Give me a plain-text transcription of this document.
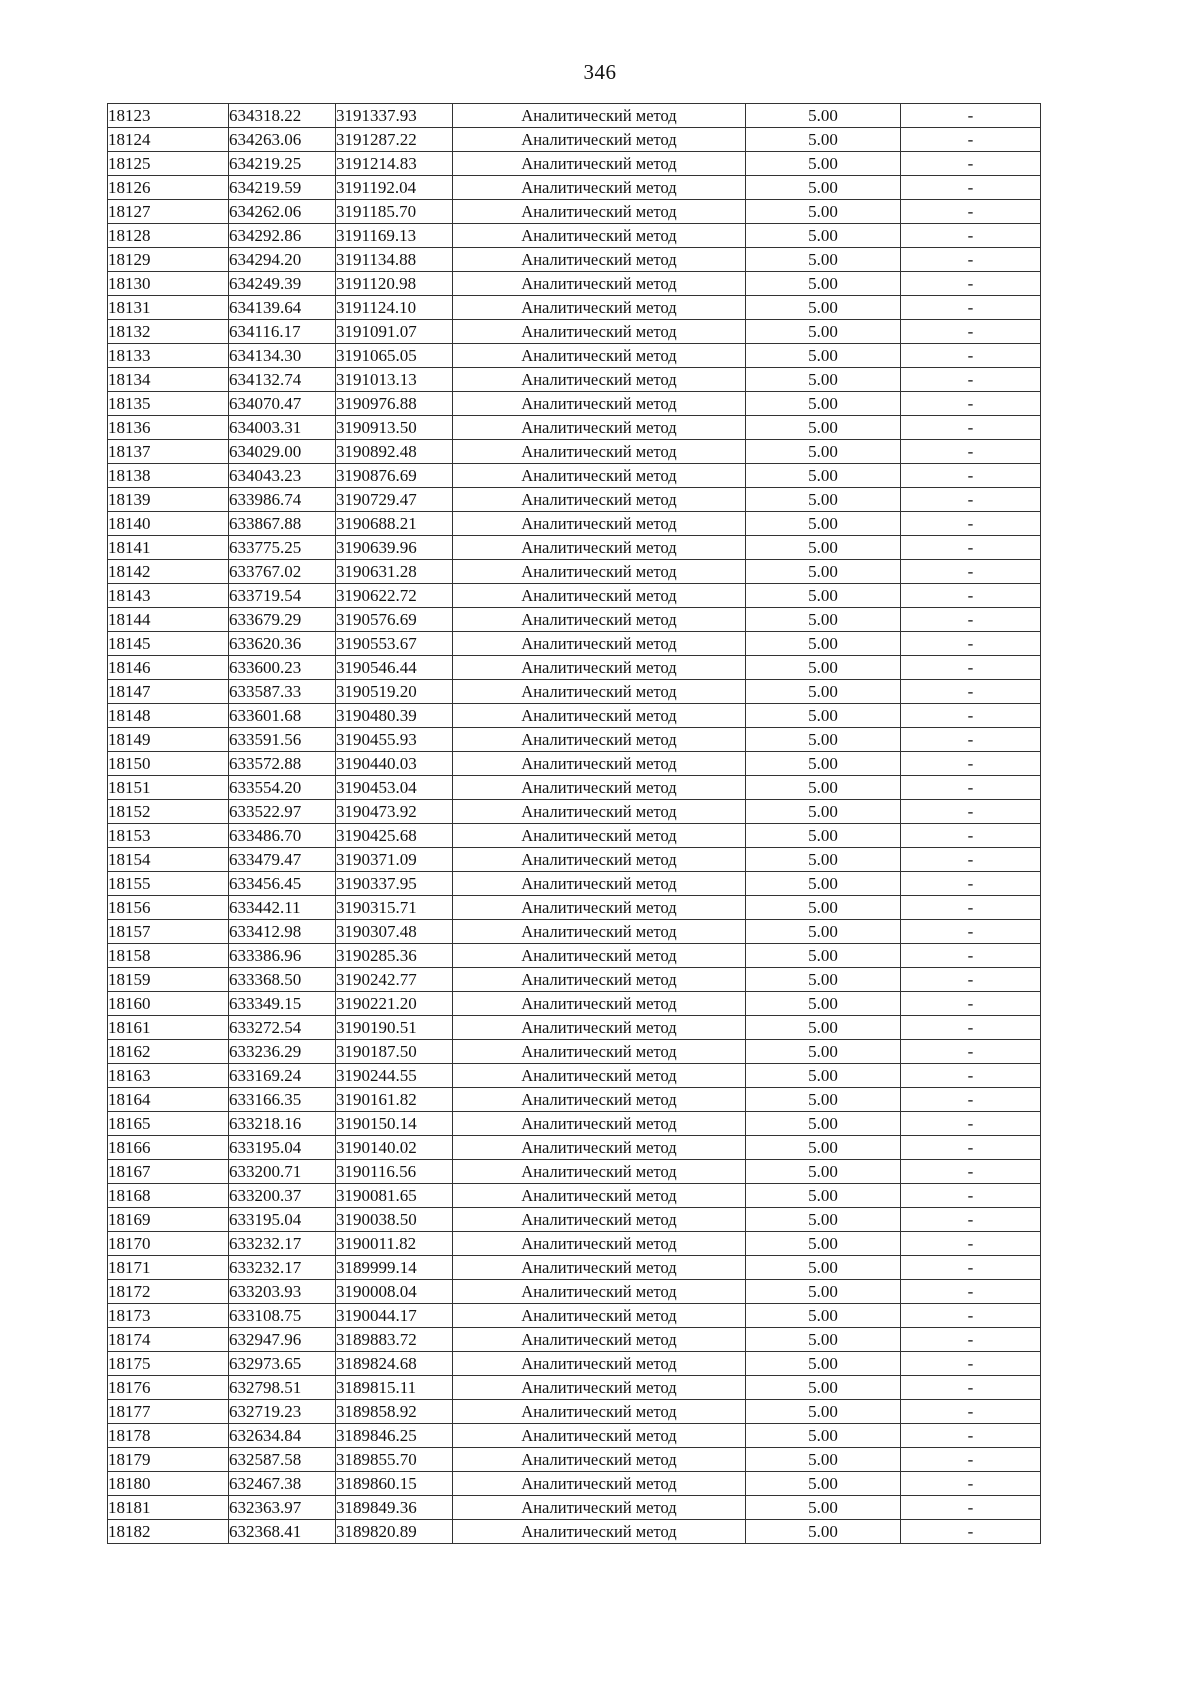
346
18123	634318.22	3191337.93	Аналитический метод	5.00	-
18124	634263.06	3191287.22	Аналитический метод	5.00	-
18125	634219.25	3191214.83	Аналитический метод	5.00	-
18126	634219.59	3191192.04	Аналитический метод	5.00	-
18127	634262.06	3191185.70	Аналитический метод	5.00	-
18128	634292.86	3191169.13	Аналитический метод	5.00	-
18129	634294.20	3191134.88	Аналитический метод	5.00	-
18130	634249.39	3191120.98	Аналитический метод	5.00	-
18131	634139.64	3191124.10	Аналитический метод	5.00	-
18132	634116.17	3191091.07	Аналитический метод	5.00	-
18133	634134.30	3191065.05	Аналитический метод	5.00	-
18134	634132.74	3191013.13	Аналитический метод	5.00	-
18135	634070.47	3190976.88	Аналитический метод	5.00	-
18136	634003.31	3190913.50	Аналитический метод	5.00	-
18137	634029.00	3190892.48	Аналитический метод	5.00	-
18138	634043.23	3190876.69	Аналитический метод	5.00	-
18139	633986.74	3190729.47	Аналитический метод	5.00	-
18140	633867.88	3190688.21	Аналитический метод	5.00	-
18141	633775.25	3190639.96	Аналитический метод	5.00	-
18142	633767.02	3190631.28	Аналитический метод	5.00	-
18143	633719.54	3190622.72	Аналитический метод	5.00	-
18144	633679.29	3190576.69	Аналитический метод	5.00	-
18145	633620.36	3190553.67	Аналитический метод	5.00	-
18146	633600.23	3190546.44	Аналитический метод	5.00	-
18147	633587.33	3190519.20	Аналитический метод	5.00	-
18148	633601.68	3190480.39	Аналитический метод	5.00	-
18149	633591.56	3190455.93	Аналитический метод	5.00	-
18150	633572.88	3190440.03	Аналитический метод	5.00	-
18151	633554.20	3190453.04	Аналитический метод	5.00	-
18152	633522.97	3190473.92	Аналитический метод	5.00	-
18153	633486.70	3190425.68	Аналитический метод	5.00	-
18154	633479.47	3190371.09	Аналитический метод	5.00	-
18155	633456.45	3190337.95	Аналитический метод	5.00	-
18156	633442.11	3190315.71	Аналитический метод	5.00	-
18157	633412.98	3190307.48	Аналитический метод	5.00	-
18158	633386.96	3190285.36	Аналитический метод	5.00	-
18159	633368.50	3190242.77	Аналитический метод	5.00	-
18160	633349.15	3190221.20	Аналитический метод	5.00	-
18161	633272.54	3190190.51	Аналитический метод	5.00	-
18162	633236.29	3190187.50	Аналитический метод	5.00	-
18163	633169.24	3190244.55	Аналитический метод	5.00	-
18164	633166.35	3190161.82	Аналитический метод	5.00	-
18165	633218.16	3190150.14	Аналитический метод	5.00	-
18166	633195.04	3190140.02	Аналитический метод	5.00	-
18167	633200.71	3190116.56	Аналитический метод	5.00	-
18168	633200.37	3190081.65	Аналитический метод	5.00	-
18169	633195.04	3190038.50	Аналитический метод	5.00	-
18170	633232.17	3190011.82	Аналитический метод	5.00	-
18171	633232.17	3189999.14	Аналитический метод	5.00	-
18172	633203.93	3190008.04	Аналитический метод	5.00	-
18173	633108.75	3190044.17	Аналитический метод	5.00	-
18174	632947.96	3189883.72	Аналитический метод	5.00	-
18175	632973.65	3189824.68	Аналитический метод	5.00	-
18176	632798.51	3189815.11	Аналитический метод	5.00	-
18177	632719.23	3189858.92	Аналитический метод	5.00	-
18178	632634.84	3189846.25	Аналитический метод	5.00	-
18179	632587.58	3189855.70	Аналитический метод	5.00	-
18180	632467.38	3189860.15	Аналитический метод	5.00	-
18181	632363.97	3189849.36	Аналитический метод	5.00	-
18182	632368.41	3189820.89	Аналитический метод	5.00	-
